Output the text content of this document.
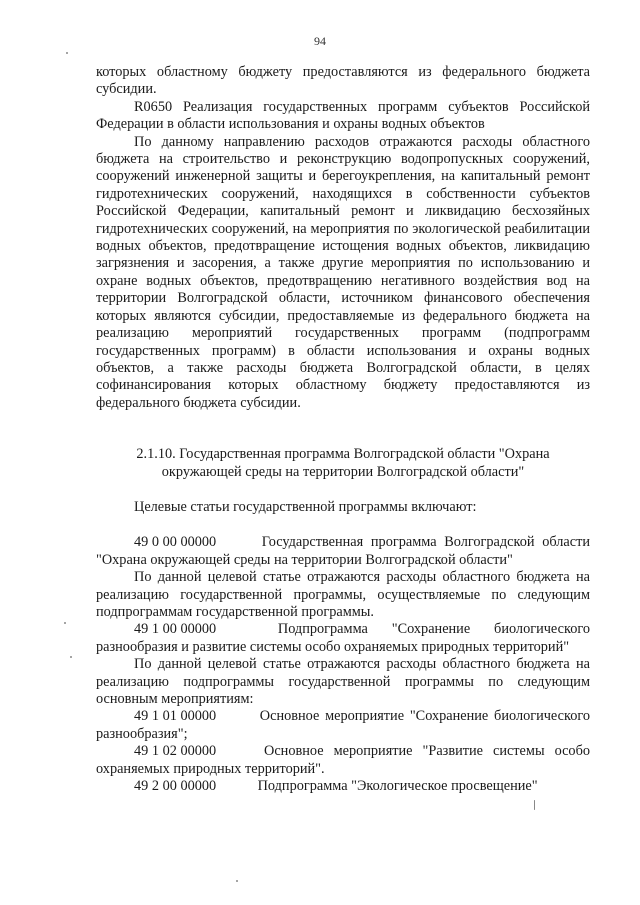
94

которых областному бюджету предоставляются из федерального бюджета субсидии.

R0650 Реализация государственных программ субъектов Российской Федерации в области использования и охраны водных объектов

По данному направлению расходов отражаются расходы областного бюджета на строительство и реконструкцию водопропускных сооружений, сооружений инженерной защиты и берегоукрепления, на капитальный ремонт гидротехнических сооружений, находящихся в собственности субъектов Российской Федерации, капитальный ремонт и ликвидацию бесхозяйных гидротехнических сооружений, на мероприятия по экологической реабилитации водных объектов, предотвращение истощения водных объектов, ликвидацию загрязнения и засорения, а также другие мероприятия по использованию и охране водных объектов, предотвращению негативного воздействия вод на территории Волгоградской области, источником финансового обеспечения которых являются субсидии, предоставляемые из федерального бюджета на реализацию мероприятий государственных программ (подпрограмм государственных программ) в области использования и охраны водных объектов, а также расходы бюджета Волгоградской области, в целях софинансирования которых областному бюджету предоставляются из федерального бюджета субсидии.

2.1.10. Государственная программа Волгоградской области "Охрана окружающей среды на территории Волгоградской области"

Целевые статьи государственной программы включают:

49 0 00 00000	Государственная программа Волгоградской области "Охрана окружающей среды на территории Волгоградской области"

По данной целевой статье отражаются расходы областного бюджета на реализацию государственной программы, осуществляемые по следующим подпрограммам государственной программы.

49 1 00 00000	Подпрограмма "Сохранение биологического разнообразия и развитие системы особо охраняемых природных территорий"

По данной целевой статье отражаются расходы областного бюджета на реализацию подпрограммы государственной программы по следующим основным мероприятиям:

49 1 01 00000	Основное мероприятие "Сохранение биологического разнообразия";

49 1 02 00000	Основное мероприятие "Развитие системы особо охраняемых природных территорий".

49 2 00 00000	Подпрограмма "Экологическое просвещение"
